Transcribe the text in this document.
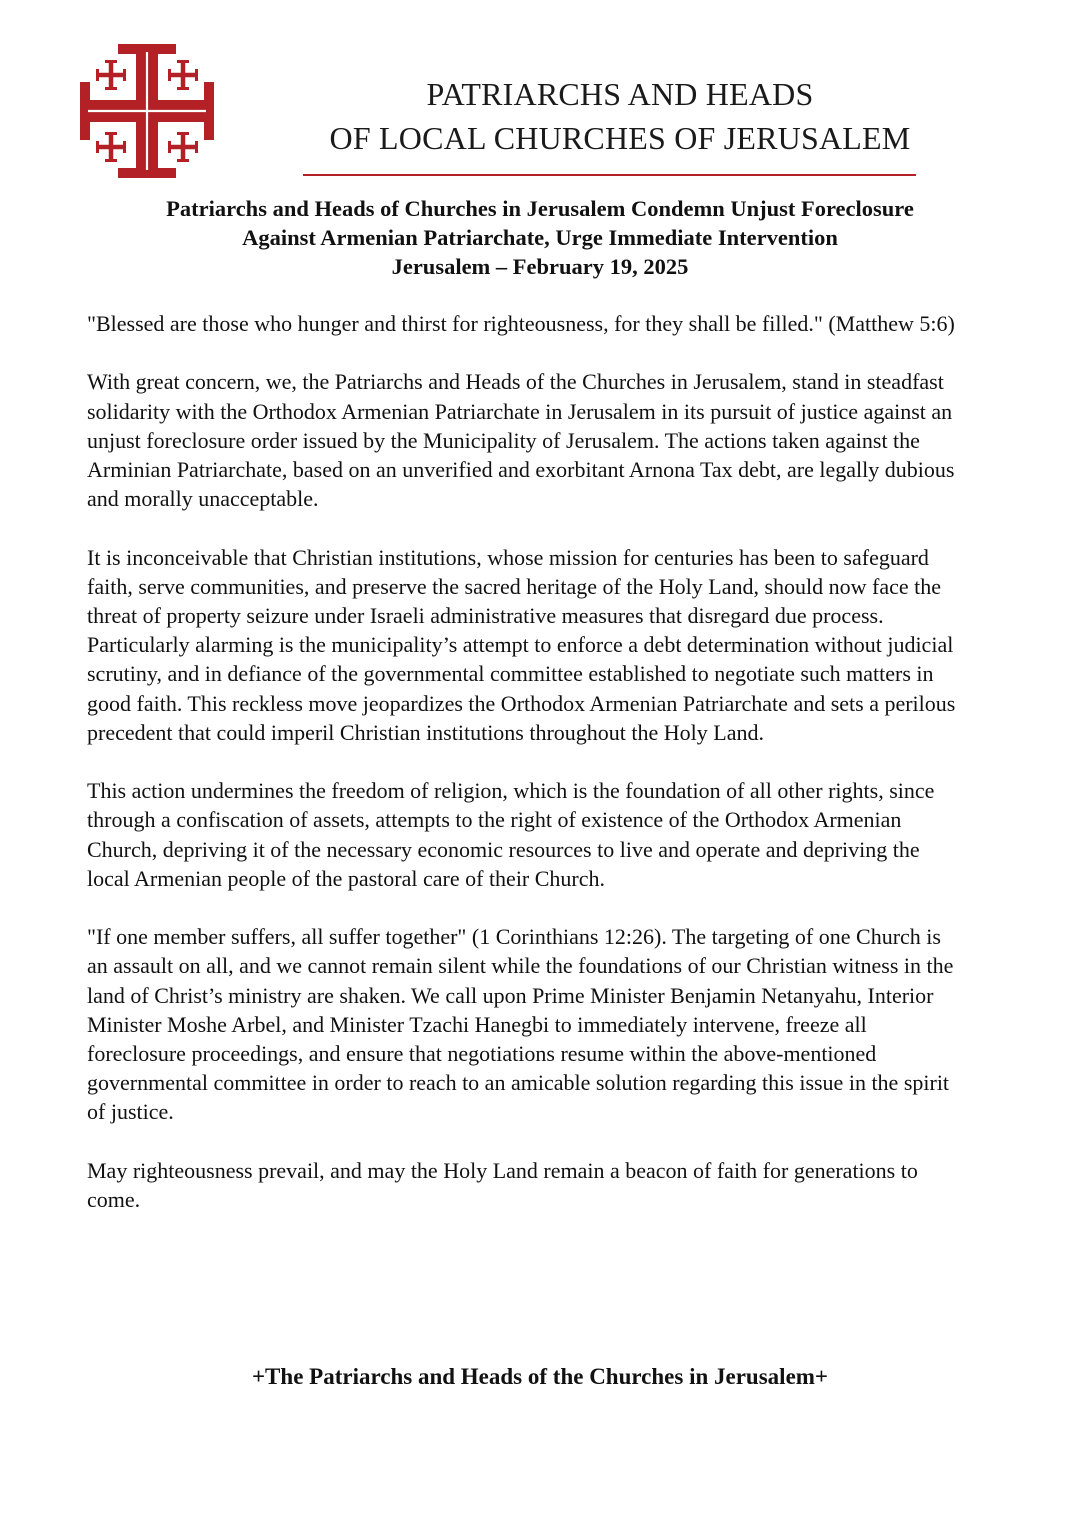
PATRIARCHS AND HEADS
OF LOCAL CHURCHES OF JERUSALEM
Patriarchs and Heads of Churches in Jerusalem Condemn Unjust Foreclosure
Against Armenian Patriarchate, Urge Immediate Intervention
Jerusalem – February 19, 2025

"Blessed are those who hunger and thirst for righteousness, for they shall be filled." (Matthew 5:6)

With great concern, we, the Patriarchs and Heads of the Churches in Jerusalem, stand in steadfast solidarity with the Orthodox Armenian Patriarchate in Jerusalem in its pursuit of justice against an unjust foreclosure order issued by the Municipality of Jerusalem. The actions taken against the Arminian Patriarchate, based on an unverified and exorbitant Arnona Tax debt, are legally dubious and morally unacceptable.

It is inconceivable that Christian institutions, whose mission for centuries has been to safeguard faith, serve communities, and preserve the sacred heritage of the Holy Land, should now face the threat of property seizure under Israeli administrative measures that disregard due process. Particularly alarming is the municipality’s attempt to enforce a debt determination without judicial scrutiny, and in defiance of the governmental committee established to negotiate such matters in good faith. This reckless move jeopardizes the Orthodox Armenian Patriarchate and sets a perilous precedent that could imperil Christian institutions throughout the Holy Land.

This action undermines the freedom of religion, which is the foundation of all other rights, since through a confiscation of assets, attempts to the right of existence of the Orthodox Armenian Church, depriving it of the necessary economic resources to live and operate and depriving the local Armenian people of the pastoral care of their Church.

"If one member suffers, all suffer together" (1 Corinthians 12:26). The targeting of one Church is an assault on all, and we cannot remain silent while the foundations of our Christian witness in the land of Christ’s ministry are shaken. We call upon Prime Minister Benjamin Netanyahu, Interior Minister Moshe Arbel, and Minister Tzachi Hanegbi to immediately intervene, freeze all foreclosure proceedings, and ensure that negotiations resume within the above-mentioned governmental committee in order to reach to an amicable solution regarding this issue in the spirit of justice.

May righteousness prevail, and may the Holy Land remain a beacon of faith for generations to come.

+The Patriarchs and Heads of the Churches in Jerusalem+
